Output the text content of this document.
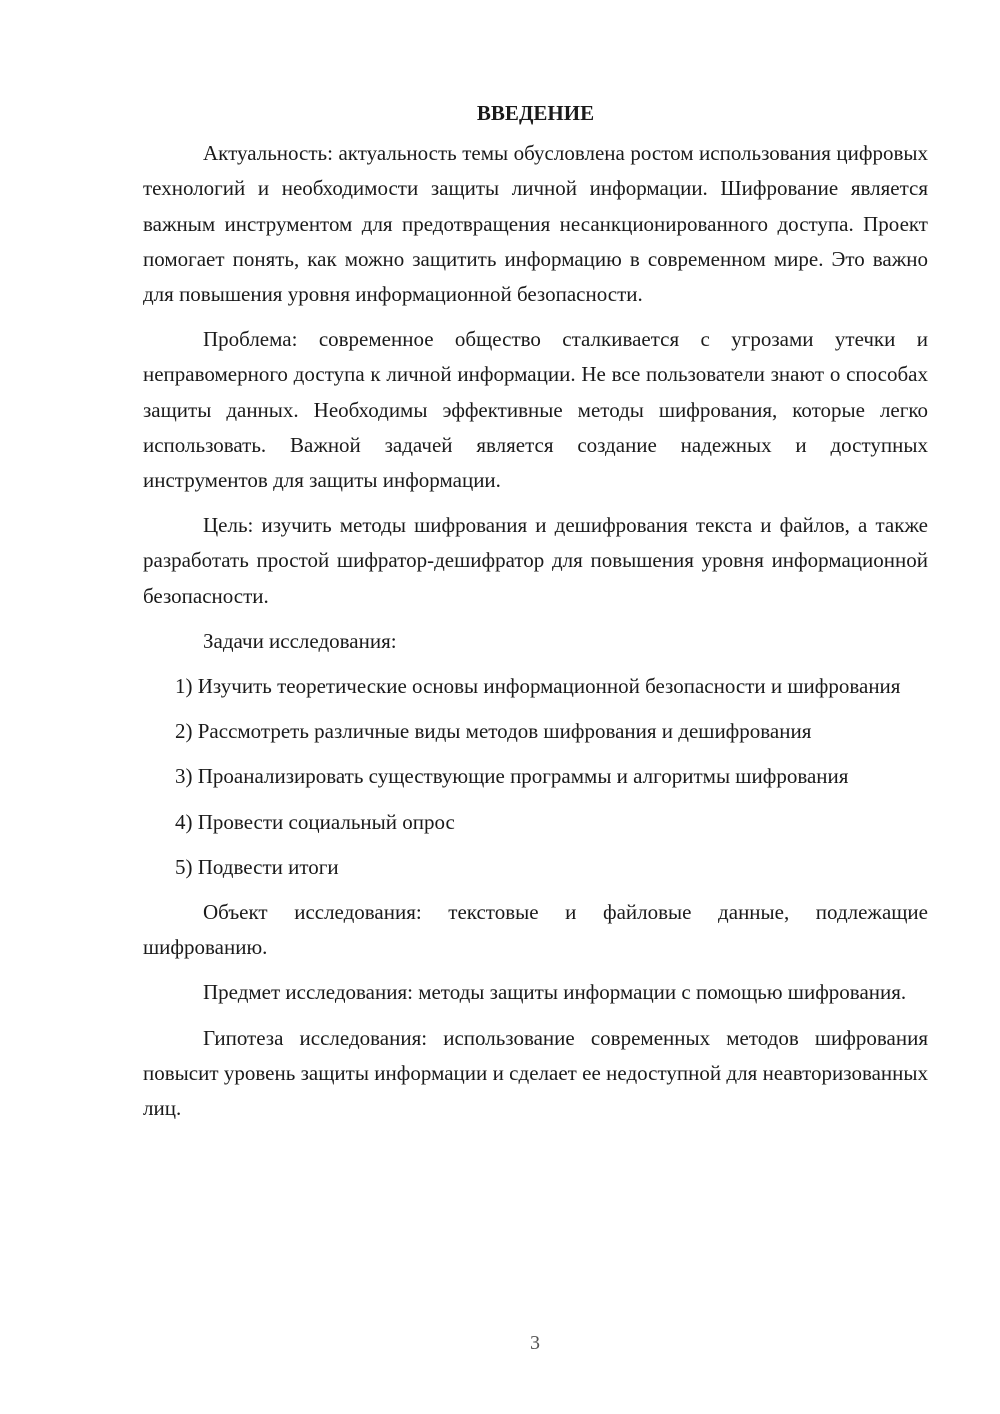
ВВЕДЕНИЕ

Актуальность: актуальность темы обусловлена ростом использования цифровых технологий и необходимости защиты личной информации. Шифрование является важным инструментом для предотвращения несанкционированного доступа. Проект помогает понять, как можно защитить информацию в современном мире. Это важно для повышения уровня информационной безопасности.

Проблема: современное общество сталкивается с угрозами утечки и неправомерного доступа к личной информации. Не все пользователи знают о способах защиты данных. Необходимы эффективные методы шифрования, которые легко использовать. Важной задачей является создание надежных и доступных инструментов для защиты информации.

Цель: изучить методы шифрования и дешифрования текста и файлов, а также разработать простой шифратор-дешифратор для повышения уровня информационной безопасности.

Задачи исследования:

1) Изучить теоретические основы информационной безопасности и шифрования

2) Рассмотреть различные виды методов шифрования и дешифрования

3) Проанализировать существующие программы и алгоритмы шифрования

4) Провести социальный опрос

5) Подвести итоги

Объект исследования: текстовые и файловые данные, подлежащие шифрованию.

Предмет исследования: методы защиты информации с помощью шифрования.

Гипотеза исследования: использование современных методов шифрования повысит уровень защиты информации и сделает ее недоступной для неавторизованных лиц.

3
